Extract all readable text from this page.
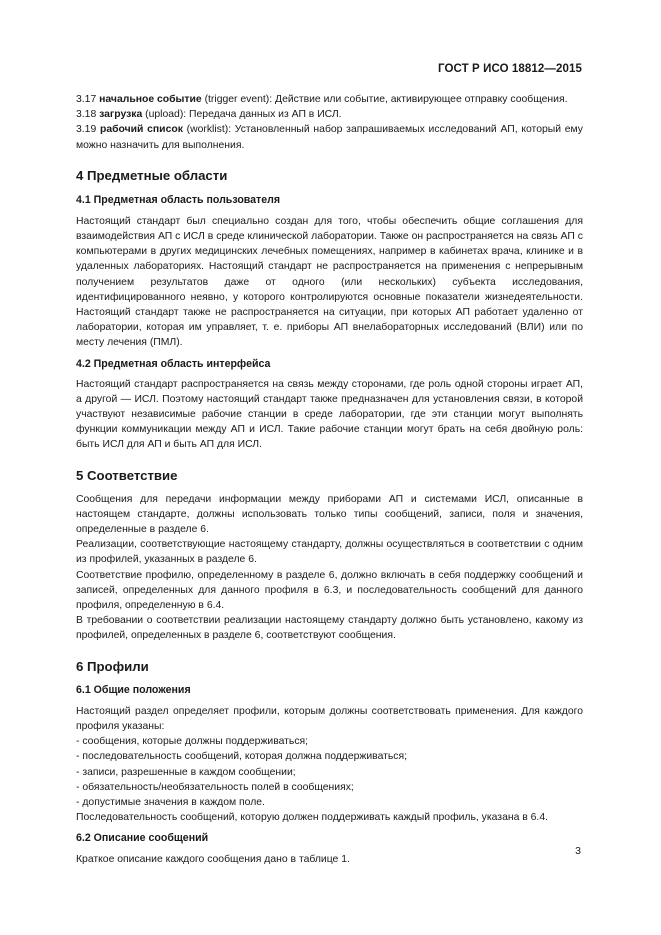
ГОСТ Р ИСО 18812—2015

3.17 начальное событие (trigger event): Действие или событие, активирующее отправку сообщения.

3.18 загрузка (upload): Передача данных из АП в ИСЛ.

3.19 рабочий список (worklist): Установленный набор запрашиваемых исследований АП, который ему можно назначить для выполнения.

4 Предметные области
4.1 Предметная область пользователя

Настоящий стандарт был специально создан для того, чтобы обеспечить общие соглашения для взаимодействия АП с ИСЛ в среде клинической лаборатории. Также он распространяется на связь АП с компьютерами в других медицинских лечебных помещениях, например в кабинетах врача, клинике и в удаленных лабораториях. Настоящий стандарт не распространяется на применения с непрерывным получением результатов даже от одного (или нескольких) субъекта исследования, идентифицированного неявно, у которого контролируются основные показатели жизнедеятельности. Настоящий стандарт также не распространяется на ситуации, при которых АП работает удаленно от лаборатории, которая им управляет, т. е. приборы АП внелабораторных исследований (ВЛИ) или по месту лечения (ПМЛ).

4.2 Предметная область интерфейса

Настоящий стандарт распространяется на связь между сторонами, где роль одной стороны играет АП, а другой — ИСЛ. Поэтому настоящий стандарт также предназначен для установления связи, в которой участвуют независимые рабочие станции в среде лаборатории, где эти станции могут выполнять функции коммуникации между АП и ИСЛ. Такие рабочие станции могут брать на себя двойную роль: быть ИСЛ для АП и быть АП для ИСЛ.

5 Соответствие

Сообщения для передачи информации между приборами АП и системами ИСЛ, описанные в настоящем стандарте, должны использовать только типы сообщений, записи, поля и значения, определенные в разделе 6.

Реализации, соответствующие настоящему стандарту, должны осуществляться в соответствии с одним из профилей, указанных в разделе 6.

Соответствие профилю, определенному в разделе 6, должно включать в себя поддержку сообщений и записей, определенных для данного профиля в 6.3, и последовательность сообщений для данного профиля, определенную в 6.4.

В требовании о соответствии реализации настоящему стандарту должно быть установлено, какому из профилей, определенных в разделе 6, соответствуют сообщения.

6 Профили
6.1 Общие положения

Настоящий раздел определяет профили, которым должны соответствовать применения. Для каждого профиля указаны:

- сообщения, которые должны поддерживаться;

- последовательность сообщений, которая должна поддерживаться;

- записи, разрешенные в каждом сообщении;

- обязательность/необязательность полей в сообщениях;

- допустимые значения в каждом поле.

Последовательность сообщений, которую должен поддерживать каждый профиль, указана в 6.4.

6.2 Описание сообщений

Краткое описание каждого сообщения дано в таблице 1.

3
